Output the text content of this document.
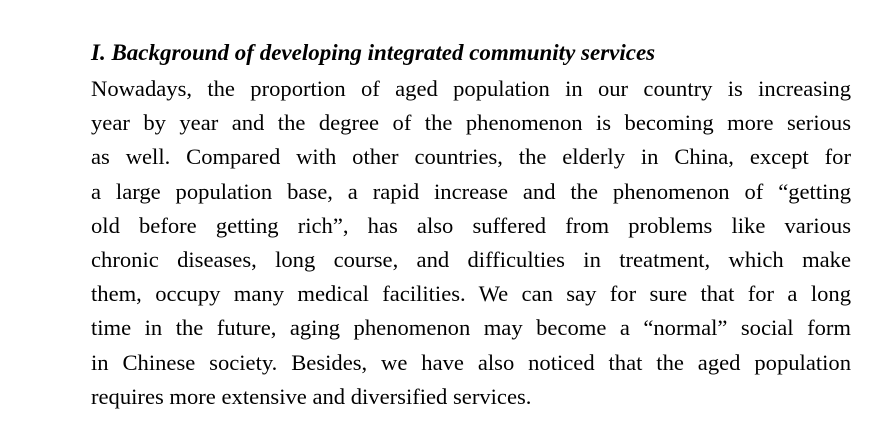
I. Background of developing integrated community services

Nowadays, the proportion of aged population in our country is increasing
year by year and the degree of the phenomenon is becoming more serious
as well. Compared with other countries, the elderly in China, except for
a large population base, a rapid increase and the phenomenon of “getting
old before getting rich”, has also suffered from problems like various
chronic diseases, long course, and difficulties in treatment, which make
them, occupy many medical facilities. We can say for sure that for a long
time in the future, aging phenomenon may become a “normal” social form
in Chinese society. Besides, we have also noticed that the aged population
requires more extensive and diversified services.
